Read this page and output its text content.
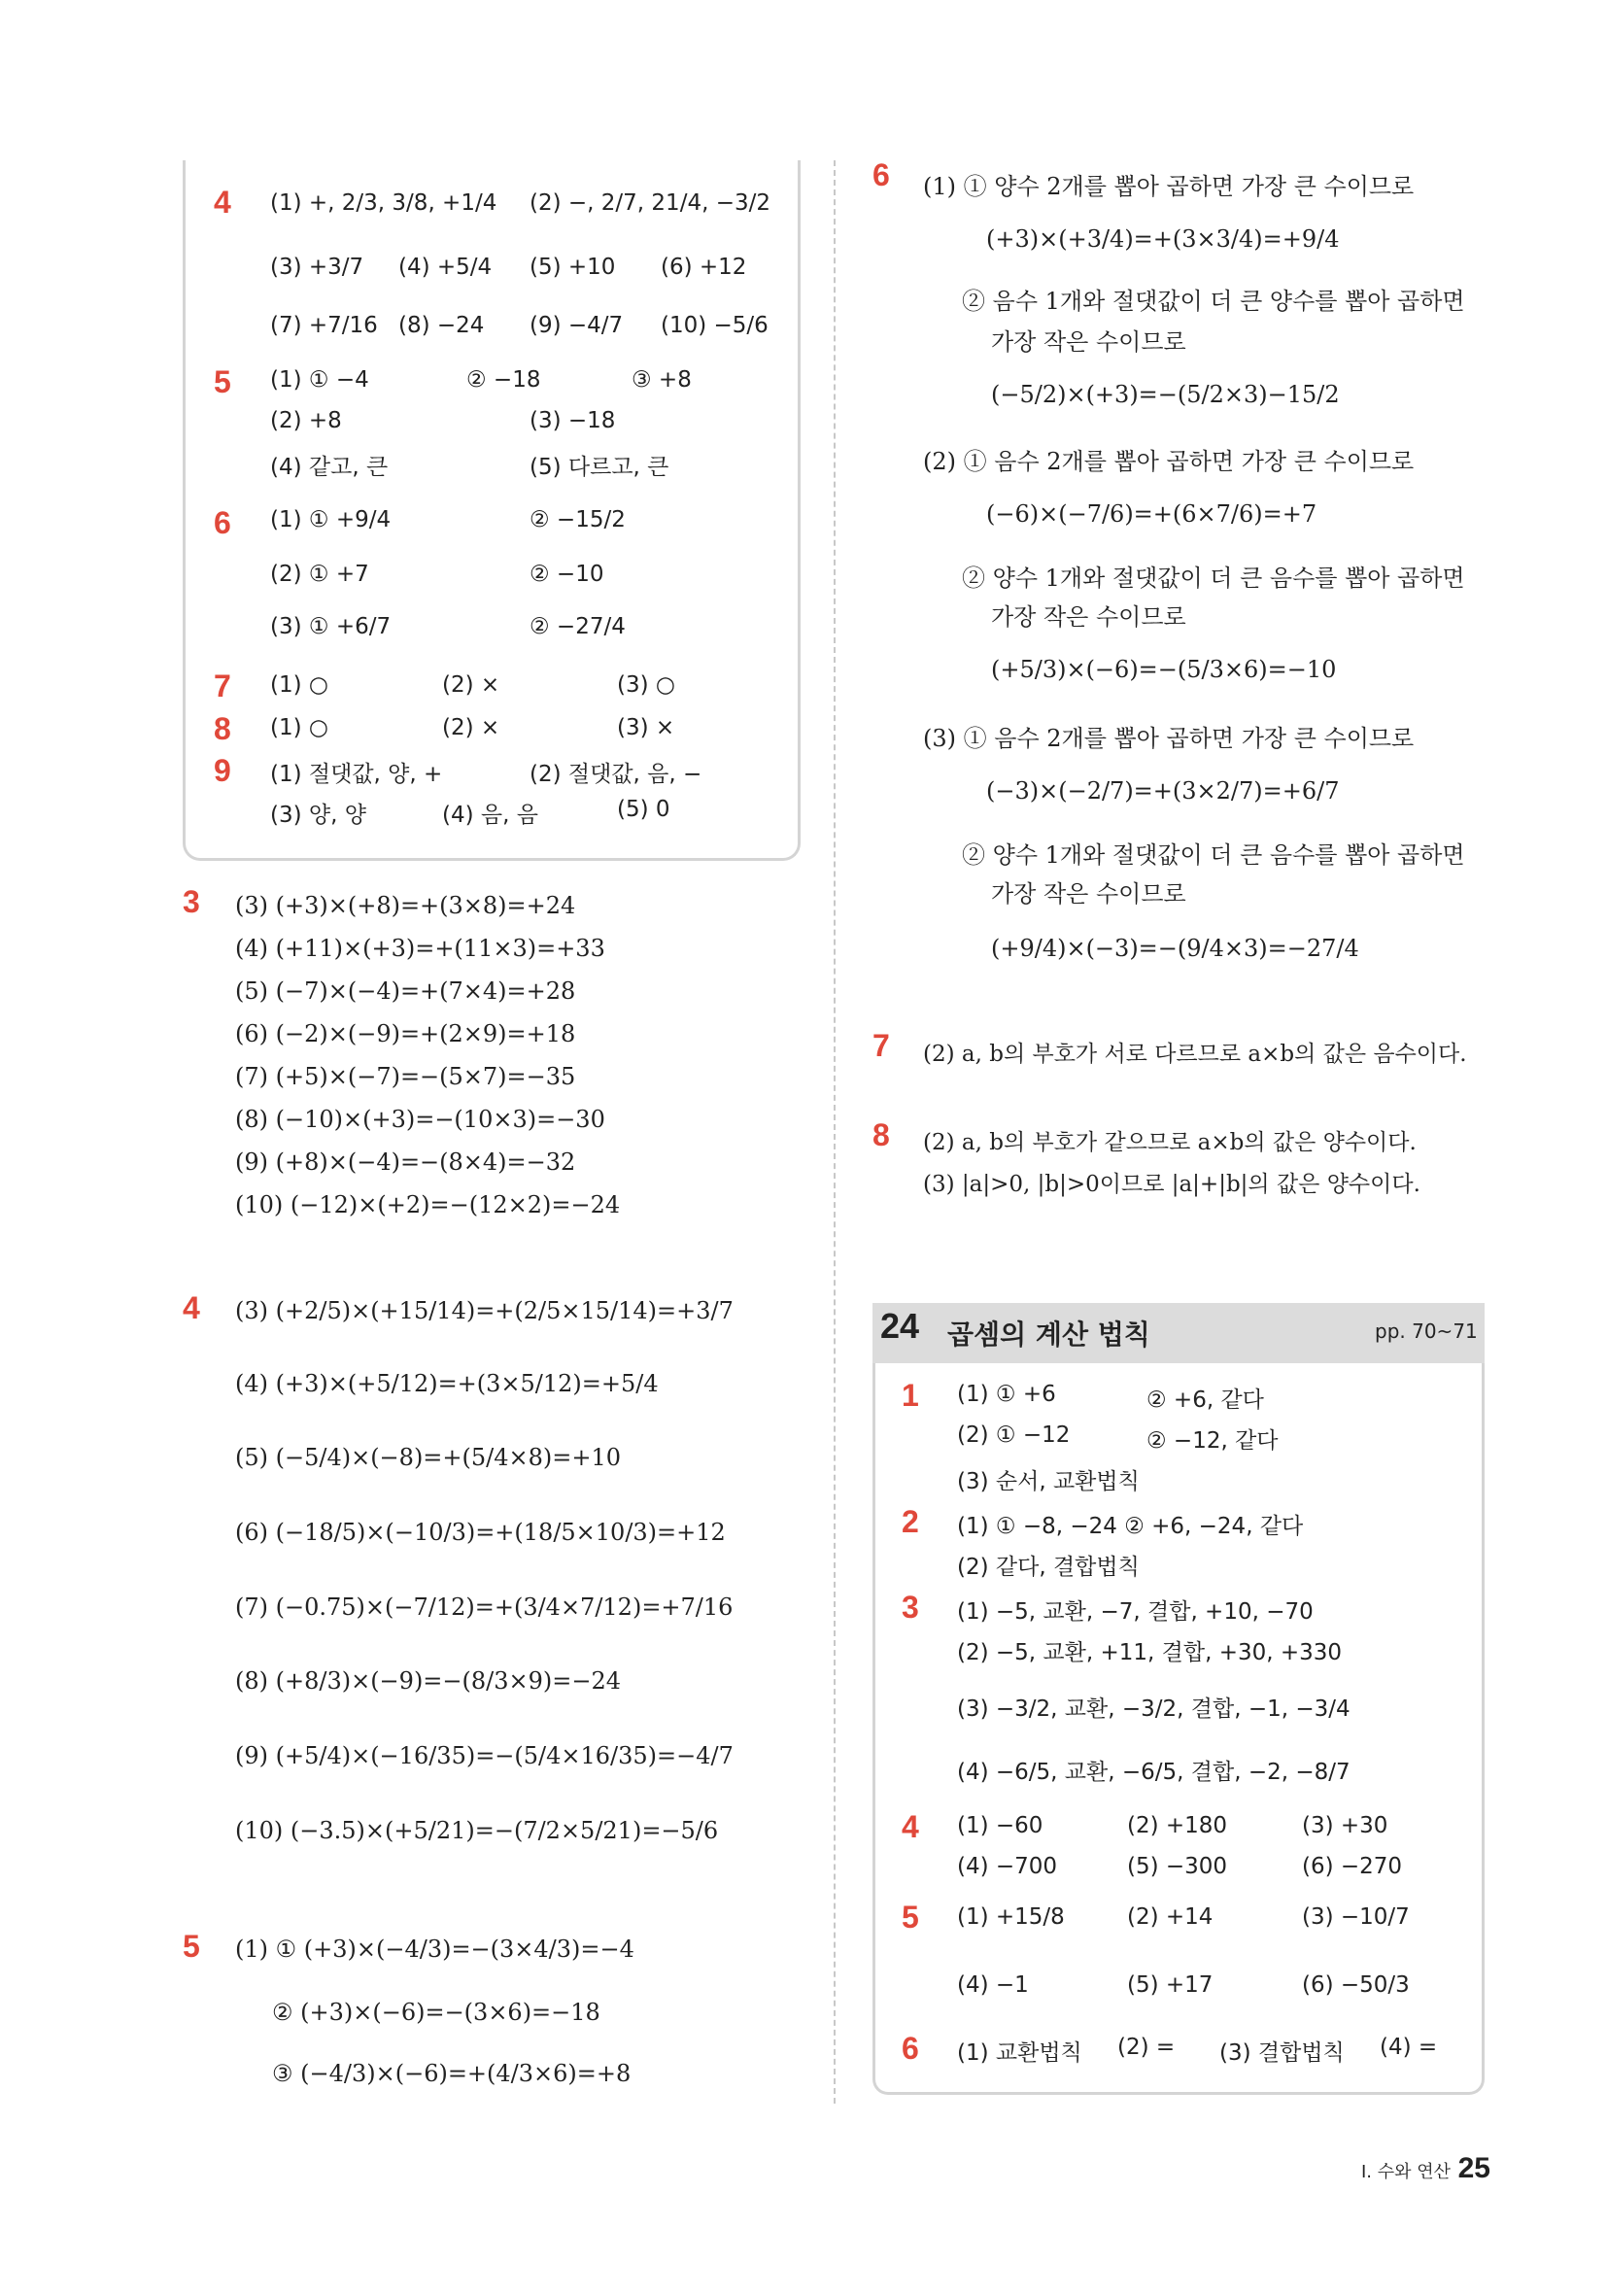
4 (1) +, 2/3, 3/8, +1/4 (2) −, 2/7, 21/4, −3/2
(3) +3/7 (4) +5/4 (5) +10 (6) +12
(7) +7/16 (8) −24 (9) −4/7 (10) −5/6
5 (1) ① −4	② −18	③ +8
(2) +8	(3) −18
(4) 같고, 큰	(5) 다르고, 큰
6 (1) ① +9/4	② −15/2
(2) ① +7	② −10
(3) ① +6/7	② −27/4
7 (1) ○	(2) ×	(3) ○
8 (1) ○	(2) ×	(3) ×
9 (1) 절댓값, 양, +	(2) 절댓값, 음, −
(3) 양, 양	(4) 음, 음	(5) 0
3 (3) (+3)×(+8)=+(3×8)=+24
(4) (+11)×(+3)=+(11×3)=+33
(5) (−7)×(−4)=+(7×4)=+28
(6) (−2)×(−9)=+(2×9)=+18
(7) (+5)×(−7)=−(5×7)=−35
(8) (−10)×(+3)=−(10×3)=−30
(9) (+8)×(−4)=−(8×4)=−32
(10) (−12)×(+2)=−(12×2)=−24
4 (3) (+2/5)×(+15/14)=+(2/5×15/14)=+3/7
(4) (+3)×(+5/12)=+(3×5/12)=+5/4
(5) (−5/4)×(−8)=+(5/4×8)=+10
(6) (−18/5)×(−10/3)=+(18/5×10/3)=+12
(7) (−0.75)×(−7/12)=+(3/4×7/12)=+7/16
(8) (+8/3)×(−9)=−(8/3×9)=−24
(9) (+5/4)×(−16/35)=−(5/4×16/35)=−4/7
(10) (−3.5)×(+5/21)=−(7/2×5/21)=−5/6
5 (1) ① (+3)×(−4/3)=−(3×4/3)=−4
② (+3)×(−6)=−(3×6)=−18
③ (−4/3)×(−6)=+(4/3×6)=+8
6 (1) ① 양수 2개를 뽑아 곱하면 가장 큰 수이므로
(+3)×(+3/4)=+(3×3/4)=+9/4
② 음수 1개와 절댓값이 더 큰 양수를 뽑아 곱하면
가장 작은 수이므로
(−5/2)×(+3)=−(5/2×3)−15/2
(2) ① 음수 2개를 뽑아 곱하면 가장 큰 수이므로
(−6)×(−7/6)=+(6×7/6)=+7
② 양수 1개와 절댓값이 더 큰 음수를 뽑아 곱하면
가장 작은 수이므로
(+5/3)×(−6)=−(5/3×6)=−10
(3) ① 음수 2개를 뽑아 곱하면 가장 큰 수이므로
(−3)×(−2/7)=+(3×2/7)=+6/7
② 양수 1개와 절댓값이 더 큰 음수를 뽑아 곱하면
가장 작은 수이므로
(+9/4)×(−3)=−(9/4×3)=−27/4
7 (2) a, b의 부호가 서로 다르므로 a×b의 값은 음수이다.
8 (2) a, b의 부호가 같으므로 a×b의 값은 양수이다.
(3) |a|>0, |b|>0이므로 |a|+|b|의 값은 양수이다.
1 (1) ① +6	② +6, 같다
(2) ① −12	② −12, 같다
(3) 순서, 교환법칙
2 (1) ① −8, −24 ② +6, −24, 같다
(2) 같다, 결합법칙
3 (1) −5, 교환, −7, 결합, +10, −70
(2) −5, 교환, +11, 결합, +30, +330
(3) −3/2, 교환, −3/2, 결합, −1, −3/4
(4) −6/5, 교환, −6/5, 결합, −2, −8/7
4 (1) −60	(2) +180	(3) +30
(4) −700	(5) −300	(6) −270
5 (1) +15/8	(2) +14	(3) −10/7
(4) −1	(5) +17	(6) −50/3
6 (1) 교환법칙 (2) = (3) 결합법칙 (4) =
24 곱셈의 계산 법칙	pp. 70~71
Ⅰ. 수와 연산 25
